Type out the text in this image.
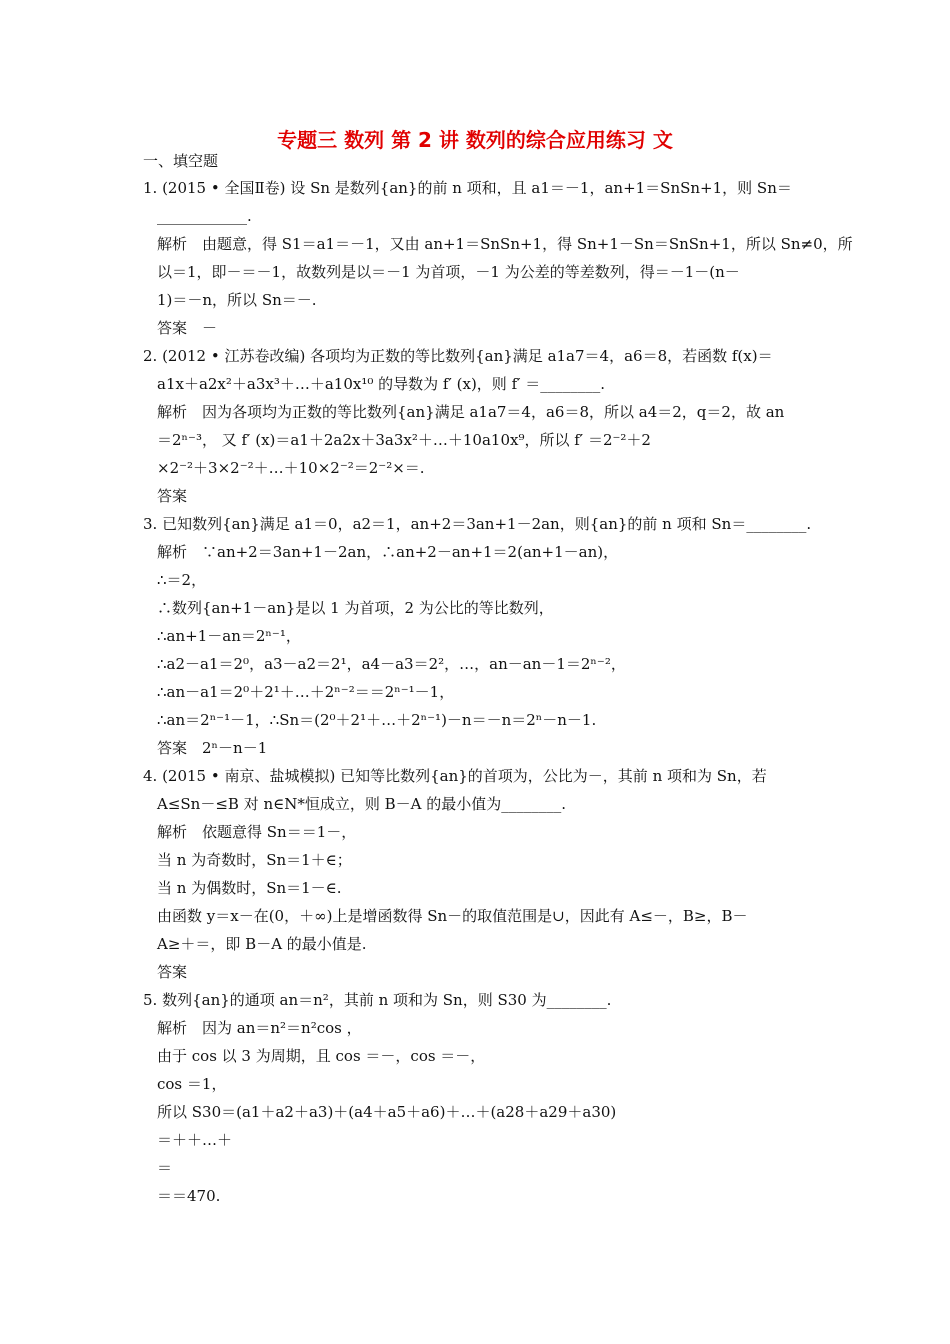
专题三 数列 第 2 讲 数列的综合应用练习 文
一、填空题
1. (2015 • 全国Ⅱ卷) 设 Sn 是数列{an}的前 n 项和，且 a1＝－1，an+1＝SnSn+1，则 Sn＝
____________.
解析　由题意，得 S1＝a1＝－1，又由 an+1＝SnSn+1，得 Sn+1－Sn＝SnSn+1，所以 Sn≠0，所
以＝1，即－＝－1，故数列是以＝－1 为首项，－1 为公差的等差数列，得＝－1－(n－
1)＝－n，所以 Sn＝－.
答案　－
2. (2012 • 江苏卷改编) 各项均为正数的等比数列{an}满足 a1a7＝4，a6＝8，若函数 f(x)＝
a1x＋a2x²＋a3x³＋…＋a10x¹⁰ 的导数为 f′ (x)，则 f′ ＝________.
解析　因为各项均为正数的等比数列{an}满足 a1a7＝4，a6＝8，所以 a4＝2，q＝2，故 an
＝2ⁿ⁻³， 又 f′ (x)＝a1＋2a2x＋3a3x²＋…＋10a10x⁹，所以 f′ ＝2⁻²＋2
×2⁻²＋3×2⁻²＋…＋10×2⁻²＝2⁻²×＝.
答案
3. 已知数列{an}满足 a1＝0，a2＝1，an+2＝3an+1－2an，则{an}的前 n 项和 Sn＝________.
解析　∵an+2＝3an+1－2an，∴an+2－an+1＝2(an+1－an)，
∴＝2，
∴数列{an+1－an}是以 1 为首项，2 为公比的等比数列，
∴an+1－an＝2ⁿ⁻¹，
∴a2－a1＝2⁰，a3－a2＝2¹，a4－a3＝2²，…，an－an－1＝2ⁿ⁻²，
∴an－a1＝2⁰＋2¹＋…＋2ⁿ⁻²＝＝2ⁿ⁻¹－1，
∴an＝2ⁿ⁻¹－1，∴Sn＝(2⁰＋2¹＋…＋2ⁿ⁻¹)－n＝－n＝2ⁿ－n－1.
答案　2ⁿ－n－1
4. (2015 • 南京、盐城模拟) 已知等比数列{an}的首项为，公比为－，其前 n 项和为 Sn，若
A≤Sn－≤B 对 n∈N*恒成立，则 B－A 的最小值为________.
解析　依题意得 Sn＝＝1－，
当 n 为奇数时，Sn＝1＋∈；
当 n 为偶数时，Sn＝1－∈.
由函数 y＝x－在(0，＋∞)上是增函数得 Sn－的取值范围是∪，因此有 A≤－，B≥，B－
A≥＋＝，即 B－A 的最小值是.
答案
5. 数列{an}的通项 an＝n²，其前 n 项和为 Sn，则 S30 为________.
解析　因为 an＝n²＝n²cos ，
由于 cos 以 3 为周期，且 cos ＝－，cos ＝－，
cos ＝1，
所以 S30＝(a1＋a2＋a3)＋(a4＋a5＋a6)＋…＋(a28＋a29＋a30)
＝＋＋…＋
＝
＝＝470.
